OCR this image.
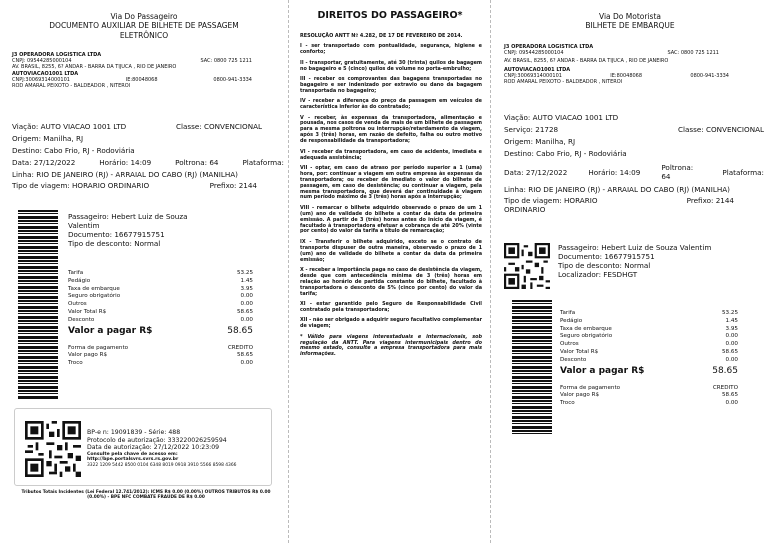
Via Do Passageiro
DOCUMENTO AUXILIAR DE BILHETE DE PASSAGEM ELETRÔNICO
J3 OPERADORA LOGISTICA LTDA
CNPJ: 09544285000104	SAC: 0800 725 1211
AV. BRASIL, 8255, 6? ANDAR - BARRA DA TIJUCA , RIO DE JANEIRO
AUTOVIACAO1001 LTDA
CNPJ:30069314000101	IE:80048068	0800-941-3334
ROD AMARAL PEIXOTO - BALDEADOR , NITEROI
Viação: AUTO VIACAO 1001 LTD	Classe: CONVENCIONAL
Origem: Manilha, RJ
Destino: Cabo Frio, RJ - Rodoviária
Data: 27/12/2022	Horário: 14:09	Poltrona: 64	Plataforma:
Linha: RIO DE JANEIRO (RJ) - ARRAIAL DO CABO (RJ) (MANILHA)
Tipo de viagem: HORARIO ORDINARIO	Prefixo: 2144
Passageiro: Hebert Luiz de Souza Valentim
Documento: 16677915751
Tipo de desconto: Normal
Tarifa	53.25
Pedágio	1.45
Taxa de embarque	3.95
Seguro obrigatório	0.00
Outros	0.00
Valor Total R$	58.65
Desconto	0.00
Valor a pagar R$	58.65
Forma de pagamento	CREDITO
Valor pago R$	58.65
Troco	0.00
BP-e n: 19091839 - Série: 488
Protocolo de autorização: 333220026259594
Data de autorização: 27/12/2022 10:23:09
Consulte pela chave de acesso em:
http://bpe.portalsvrs.svrs.rs.gov.br
3322 1209 5442 8500 0104 6348 8019 0918 3910 5566 8598 4366
Tributos Totais Incidentes (Lei Federal 12.741/2012): ICMS R$ 0.00 (0.00%) OUTROS TRIBUTOS R$ 0.00 (0.00%) - BPE NFC COMBATE FRAUDE DE R$ 0.00
DIREITOS DO PASSAGEIRO*

RESOLUÇÃO ANTT Nº 4.282, DE 17 DE FEVEREIRO DE 2014.

I - ser transportado com pontualidade, segurança, higiene e conforto;

II - transportar, gratuitamente, até 30 (trinta) quilos de bagagem no bagageiro e 5 (cinco) quilos de volume no porta-embrulho;

III - receber os comprovantes das bagagens transportadas no bagageiro e ser indenizado por extravio ou dano da bagagem transportada no bagageiro;

IV - receber a diferença do preço da passagem em veículos de característica inferior às do contratado;

V - receber, às expensas da transportadora, alimentação e pousada, nos casos de venda de mais de um bilhete de passagem para a mesma poltrona ou interrupção/retardamento da viagem, após 3 (três) horas, em razão de defeito, falha ou outro motivo de responsabilidade da transportadora;

VI - receber da transportadora, em caso de acidente, imediata e adequada assistência;

VII - optar, em caso de atraso por período superior a 1 (uma) hora, por: continuar a viagem em outra empresa às expensas da transportadora; ou receber de imediato o valor do bilhete de passagem, em caso de desistência; ou continuar a viagem, pela mesma transportadora, que deverá dar continuidade à viagem num período máximo de 3 (três) horas após a interrupção;

VIII - remarcar o bilhete adquirido observado o prazo de um 1 (um) ano de validade do bilhete a contar da data de primeira emissão. A partir de 3 (três) horas antes do início da viagem, é facultado à transportadora efetuar a cobrança de até 20% (vinte por cento) do valor da tarifa a título de remarcação;

IX - Transferir o bilhete adquirido, exceto se o contrato de transporte dispuser de outra maneira, observado o prazo de 1 (um) ano de validade do bilhete a contar da data da primeira emissão;

X - receber a importância paga no caso de desistência da viagem, desde que com antecedência mínima de 3 (três) horas em relação ao horário de partida constante do bilhete, facultado à transportadora o desconto de 5% (cinco por cento) do valor da tarifa;

XI - estar garantido pelo Seguro de Responsabilidade Civil contratado pela transportadora;

XII - não ser obrigado a adquirir seguro facultativo complementar de viagem;

* Válido para viagens interestaduais e internacionais, sob regulação da ANTT. Para viagens intermunicipais dentro do mesmo estado, consulte a empresa transportadora para mais informações.

Via Do Motorista
BILHETE DE EMBARQUE
J3 OPERADORA LOGISTICA LTDA
CNPJ: 09544285000104	SAC: 0800 725 1211
AV. BRASIL, 8255, 6? ANDAR - BARRA DA TIJUCA , RIO DE JANEIRO
AUTOVIACAO1001 LTDA
CNPJ:30069314000101	IE:80048068	0800-941-3334
ROD AMARAL PEIXOTO - BALDEADOR , NITEROI
Viação: AUTO VIACAO 1001 LTD
Serviço: 21728	Classe: CONVENCIONAL
Origem: Manilha, RJ
Destino: Cabo Frio, RJ - Rodoviária
Data: 27/12/2022	Horário: 14:09	Poltrona: 64	Plataforma:
Linha: RIO DE JANEIRO (RJ) - ARRAIAL DO CABO (RJ) (MANILHA)
Tipo de viagem: HORARIO ORDINARIO
Prefixo: 2144
Passageiro: Hebert Luiz de Souza Valentim
Documento: 16677915751
Tipo de desconto: Normal
Localizador: FESDHGT
Tarifa	53.25
Pedágio	1.45
Taxa de embarque	3.95
Seguro obrigatório	0.00
Outros	0.00
Valor Total R$	58.65
Desconto	0.00
Valor a pagar R$	58.65
Forma de pagamento	CREDITO
Valor pago R$	58.65
Troco	0.00
